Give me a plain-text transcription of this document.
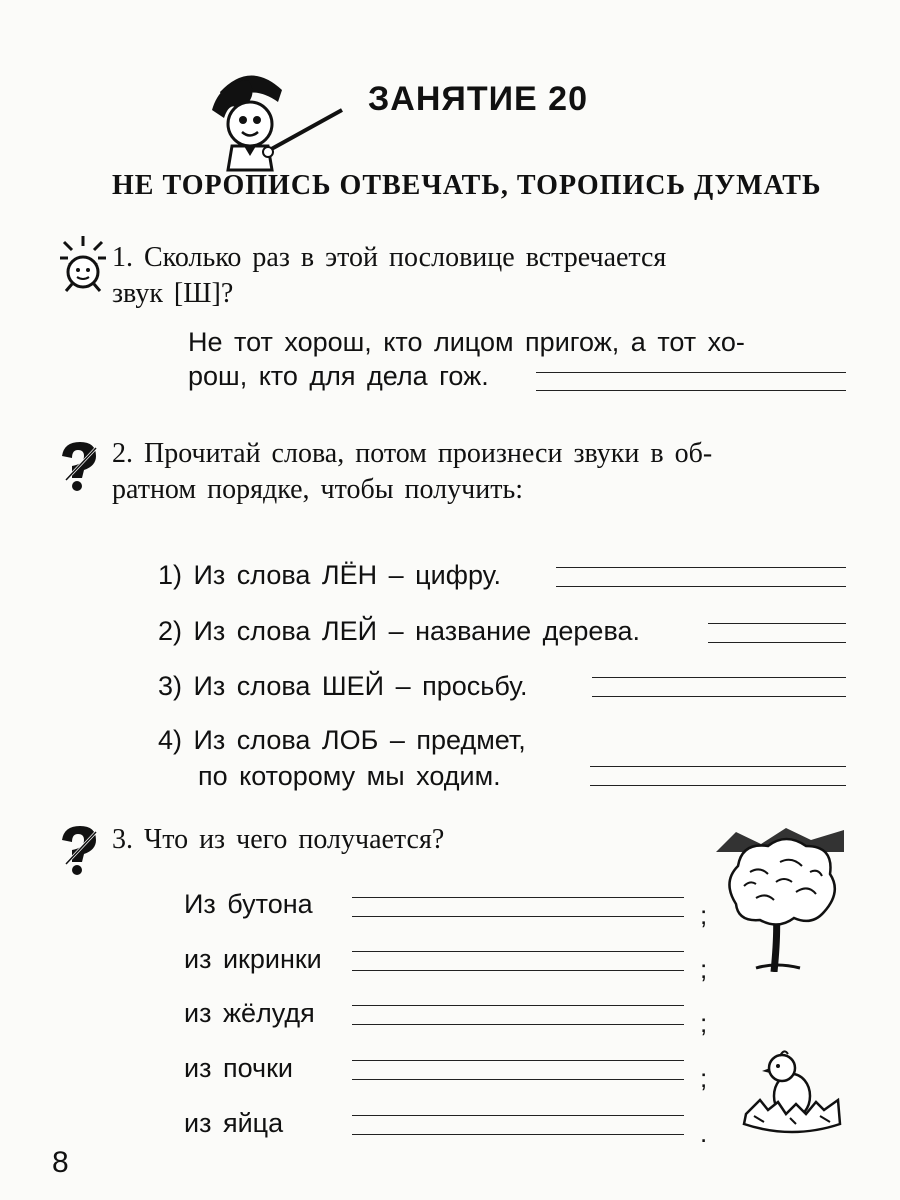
ЗАНЯТИЕ 20
НЕ ТОРОПИСЬ ОТВЕЧАТЬ, ТОРОПИСЬ ДУМАТЬ
1. Сколько раз в этой пословице встречается
звук [Ш]?
Не тот хорош, кто лицом пригож, а тот хо-
рош, кто для дела гож.
2. Прочитай слова, потом произнеси звуки в об-
ратном порядке, чтобы получить:
1) Из слова ЛЁН – цифру.
2) Из слова ЛЕЙ – название дерева.
3) Из слова ШЕЙ – просьбу.
4) Из слова ЛОБ – предмет,
по которому мы ходим.
3. Что из чего получается?
Из бутона	;
из икринки	;
из жёлудя	;
из почки	;
из яйца	.
8
